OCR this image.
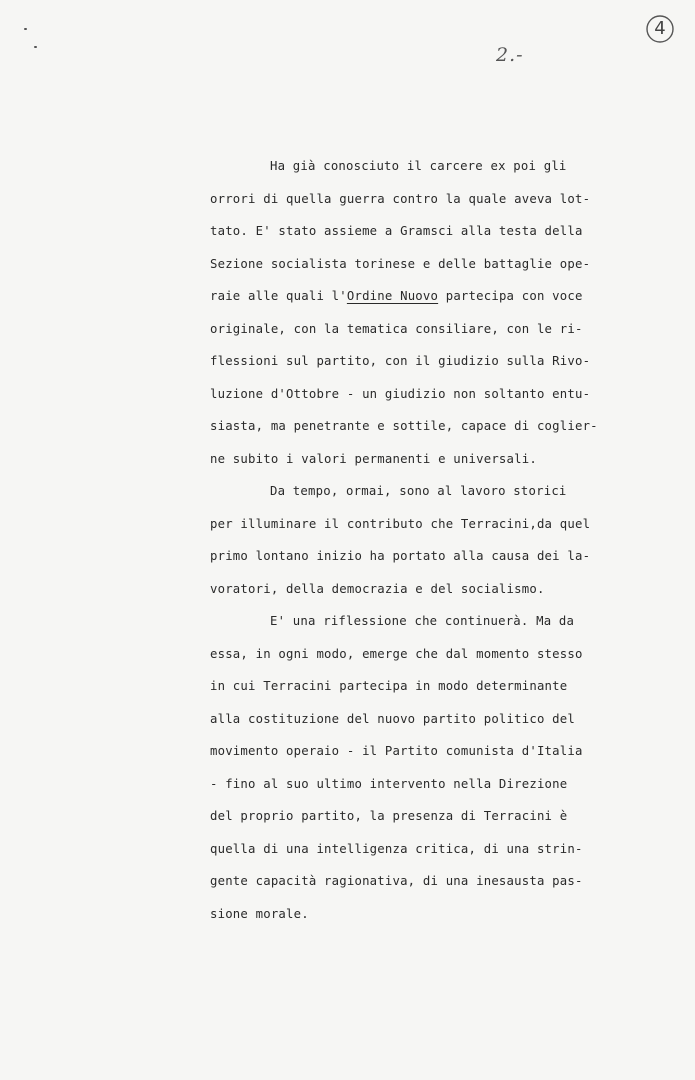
2.-
4
Ha già conosciuto il carcere ex poi gli
orrori di quella guerra contro la quale aveva lot-
tato. E' stato assieme a Gramsci alla testa della
Sezione socialista torinese e delle battaglie ope-
raie alle quali l'Ordine Nuovo partecipa con voce
originale, con la tematica consiliare, con le ri-
flessioni sul partito, con il giudizio sulla Rivo-
luzione d'Ottobre - un giudizio non soltanto entu-
siasta, ma penetrante e sottile, capace di coglier-
ne subito i valori permanenti e universali.
Da tempo, ormai, sono al lavoro storici
per illuminare il contributo che Terracini,da quel
primo lontano inizio ha portato alla causa dei la-
voratori, della democrazia e del socialismo.
E' una riflessione che continuerà. Ma da
essa, in ogni modo, emerge che dal momento stesso
in cui Terracini partecipa in modo determinante
alla costituzione del nuovo partito politico del
movimento operaio - il Partito comunista d'Italia
- fino al suo ultimo intervento nella Direzione
del proprio partito, la presenza di Terracini è
quella di una intelligenza critica, di una strin-
gente capacità ragionativa, di una inesausta pas-
sione morale.
